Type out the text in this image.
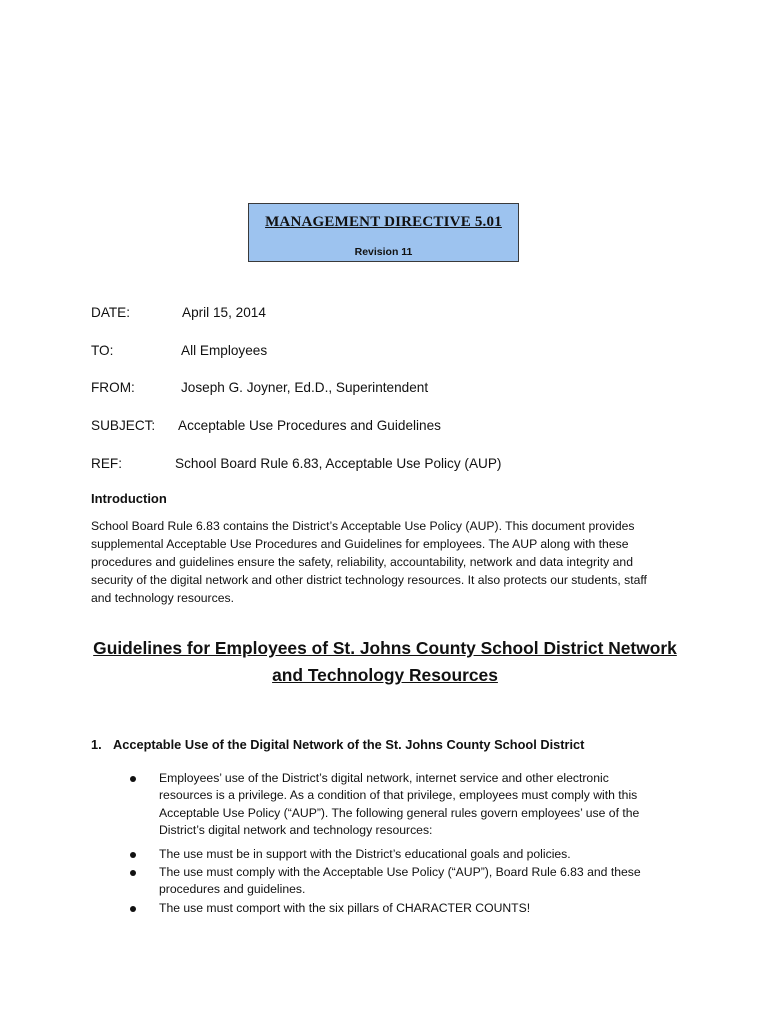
MANAGEMENT DIRECTIVE 5.01
Revision 11
DATE:	April 15, 2014
TO:	All Employees
FROM:	Joseph G. Joyner, Ed.D., Superintendent
SUBJECT: Acceptable Use Procedures and Guidelines
REF:	School Board Rule 6.83, Acceptable Use Policy (AUP)
Introduction
School Board Rule 6.83 contains the District’s Acceptable Use Policy (AUP). This document provides
supplemental Acceptable Use Procedures and Guidelines for employees. The AUP along with these
procedures and guidelines ensure the safety, reliability, accountability, network and data integrity and
security of the digital network and other district technology resources. It also protects our students, staff
and technology resources.
Guidelines for Employees of St. Johns County School District Network
and Technology Resources
1. Acceptable Use of the Digital Network of the St. Johns County School District
Employees’ use of the District’s digital network, internet service and other electronic
resources is a privilege. As a condition of that privilege, employees must comply with this
Acceptable Use Policy (“AUP”). The following general rules govern employees’ use of the
District’s digital network and technology resources:
The use must be in support with the District’s educational goals and policies.
The use must comply with the Acceptable Use Policy (“AUP”), Board Rule 6.83 and these
procedures and guidelines.
The use must comport with the six pillars of CHARACTER COUNTS!
